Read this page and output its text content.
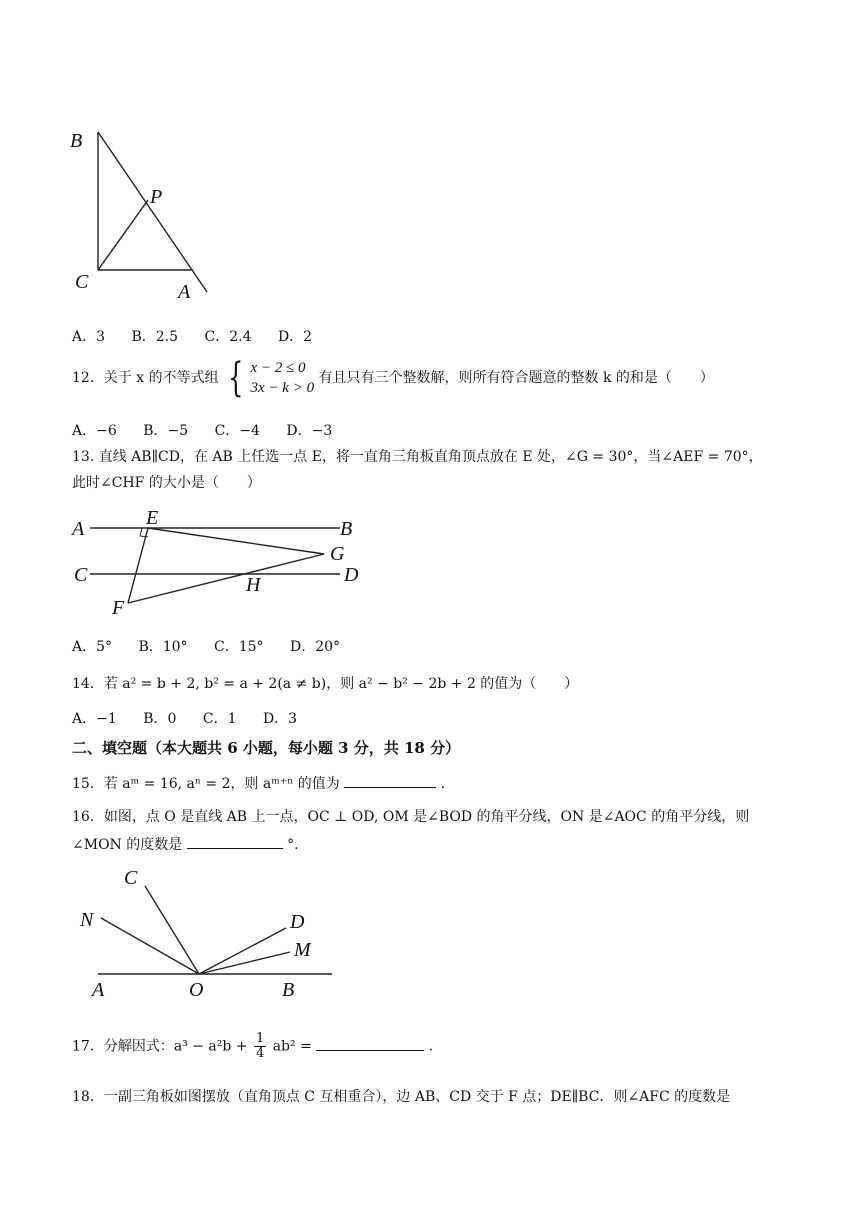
B
P
C	A
A．3 B．2.5 C．2.4 D．2
12．关于 x 的不等式组 { x − 2 ≤ 0
3x − k > 0
有且只有三个整数解，则所有符合题意的整数 k 的和是（　　）
A．−6 B．−5 C．−4 D．−3
13. 直线 AB∥CD，在 AB 上任选一点 E，将一直角三角板直角顶点放在 E 处，∠G = 30°，当∠AEF = 70°，
此时∠CHF 的大小是（　　）
A	E	B
G
C	D
H
F
A．5° B．10° C．15° D．20°
14．若 a² = b + 2, b² = a + 2(a ≠ b)，则 a² − b² − 2b + 2 的值为（　　）
A．−1 B．0 C．1 D．3
二、填空题（本大题共 6 小题，每小题 3 分，共 18 分）
15．若 aᵐ = 16, aⁿ = 2，则 aᵐ⁺ⁿ 的值为	.
16．如图，点 O 是直线 AB 上一点，OC ⊥ OD, OM 是∠BOD 的角平分线，ON 是∠AOC 的角平分线，则
∠MON 的度数是	°.
C
N	D
M
A	O	B
17．分解因式：$a^3 - a^2b + \frac{1}{4} ab^2$ =	.
18．一副三角板如图摆放（直角顶点 C 互相重合），边 AB、CD 交于 F 点；DE∥BC．则∠AFC 的度数是
